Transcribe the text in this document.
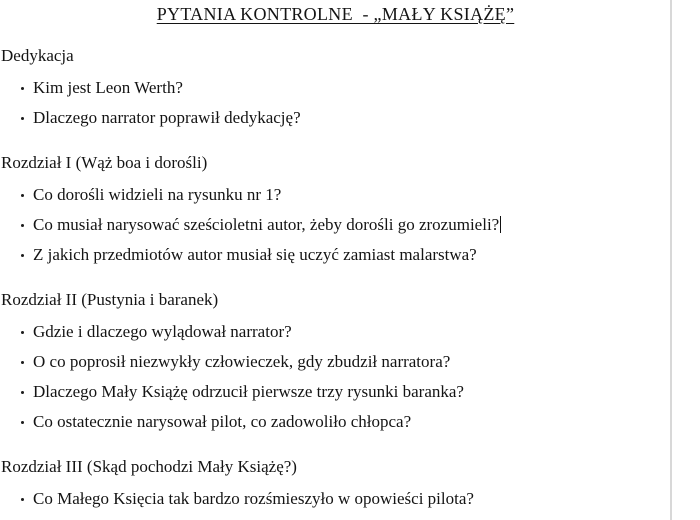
PYTANIA KONTROLNE  - „MAŁY KSIĄŻĘ”
Dedykacja
Kim jest Leon Werth?
Dlaczego narrator poprawił dedykację?
Rozdział I (Wąż boa i dorośli)
Co dorośli widzieli na rysunku nr 1?
Co musiał narysować sześcioletni autor, żeby dorośli go zrozumieli?
Z jakich przedmiotów autor musiał się uczyć zamiast malarstwa?
Rozdział II (Pustynia i baranek)
Gdzie i dlaczego wylądował narrator?
O co poprosił niezwykły człowieczek, gdy zbudził narratora?
Dlaczego Mały Książę odrzucił pierwsze trzy rysunki baranka?
Co ostatecznie narysował pilot, co zadowoliło chłopca?
Rozdział III (Skąd pochodzi Mały Książę?)
Co Małego Księcia tak bardzo rozśmieszyło w opowieści pilota?
